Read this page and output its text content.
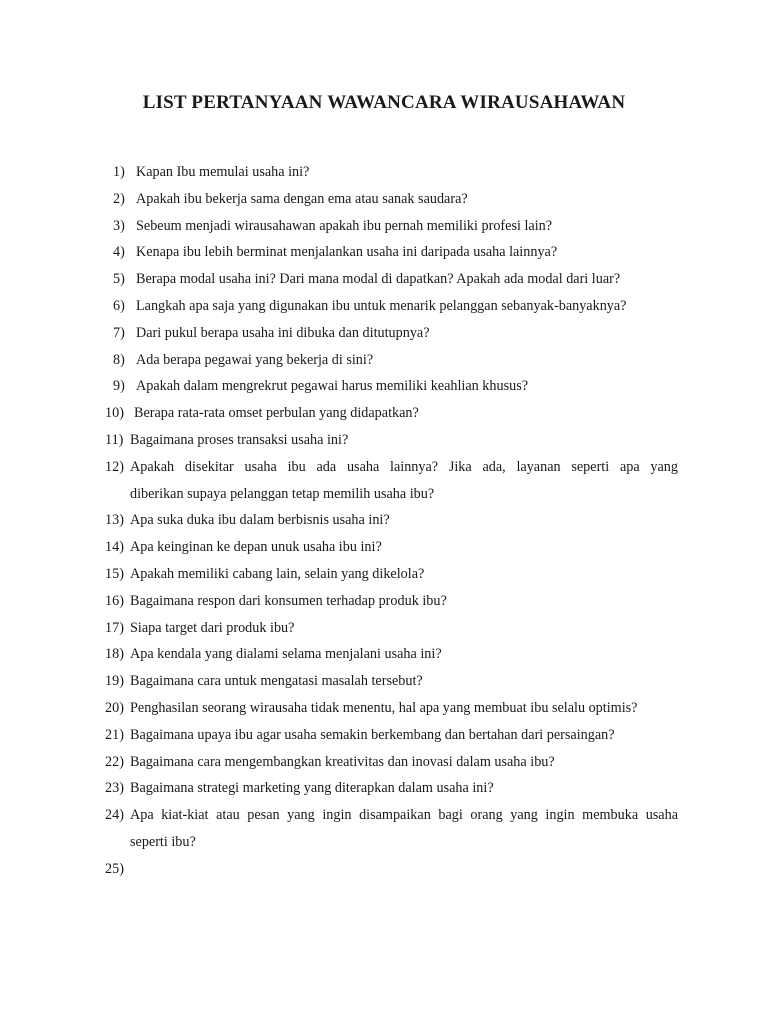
LIST PERTANYAAN WAWANCARA WIRAUSAHAWAN
1) Kapan Ibu memulai usaha ini?
2) Apakah ibu bekerja sama dengan ema atau sanak saudara?
3) Sebeum menjadi wirausahawan apakah ibu pernah memiliki profesi lain?
4) Kenapa ibu lebih berminat menjalankan usaha ini daripada usaha lainnya?
5) Berapa modal usaha ini? Dari mana modal di dapatkan? Apakah ada modal dari luar?
6) Langkah apa saja yang digunakan ibu untuk menarik pelanggan sebanyak-banyaknya?
7) Dari pukul berapa usaha ini dibuka dan ditutupnya?
8) Ada berapa pegawai yang bekerja di sini?
9) Apakah dalam mengrekrut pegawai harus memiliki keahlian khusus?
10) Berapa rata-rata omset perbulan yang didapatkan?
11) Bagaimana proses transaksi usaha ini?
12) Apakah disekitar usaha ibu ada usaha lainnya? Jika ada, layanan seperti apa yang
diberikan supaya pelanggan tetap memilih usaha ibu?
13) Apa suka duka ibu dalam berbisnis usaha ini?
14) Apa keinginan ke depan unuk usaha ibu ini?
15) Apakah memiliki cabang lain, selain yang dikelola?
16) Bagaimana respon dari konsumen terhadap produk ibu?
17) Siapa target dari produk ibu?
18) Apa kendala yang dialami selama menjalani usaha ini?
19) Bagaimana cara untuk mengatasi masalah tersebut?
20) Penghasilan seorang wirausaha tidak menentu, hal apa yang membuat ibu selalu optimis?
21) Bagaimana upaya ibu agar usaha semakin berkembang dan bertahan dari persaingan?
22) Bagaimana cara mengembangkan kreativitas dan inovasi dalam usaha ibu?
23) Bagaimana strategi marketing yang diterapkan dalam usaha ini?
24) Apa kiat-kiat atau pesan yang ingin disampaikan bagi orang yang ingin membuka usaha
seperti ibu?
25)
